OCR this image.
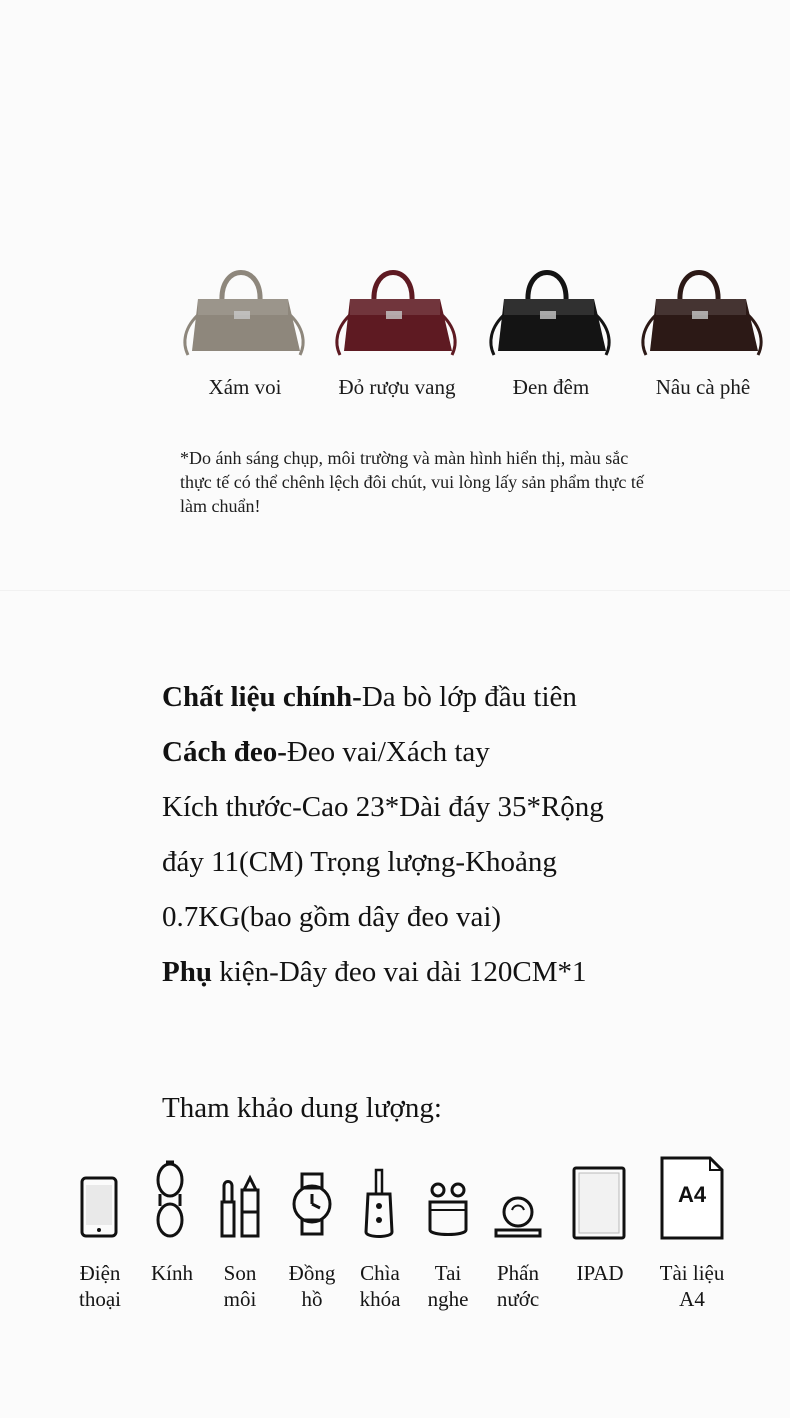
Xám voi	Đỏ rượu vang	Đen đêm	Nâu cà phê
*Do ánh sáng chụp, môi trường và màn hình hiển thị, màu sắc thực tế có thể chênh lệch đôi chút, vui lòng lấy sản phẩm thực tế làm chuẩn!
Chất liệu chính-Da bò lớp đầu tiên
Cách đeo-Đeo vai/Xách tay
Kích thước-Cao 23*Dài đáy 35*Rộng
đáy 11(CM) Trọng lượng-Khoảng
0.7KG(bao gồm dây đeo vai)
Phụ kiện-Dây đeo vai dài 120CM*1
Tham khảo dung lượng:
Điện
thoại
Kính	Son
môi
Đồng
hồ
Chìa
khóa
Tai
nghe
Phấn
nước
IPAD
A4
Tài liệu
A4
